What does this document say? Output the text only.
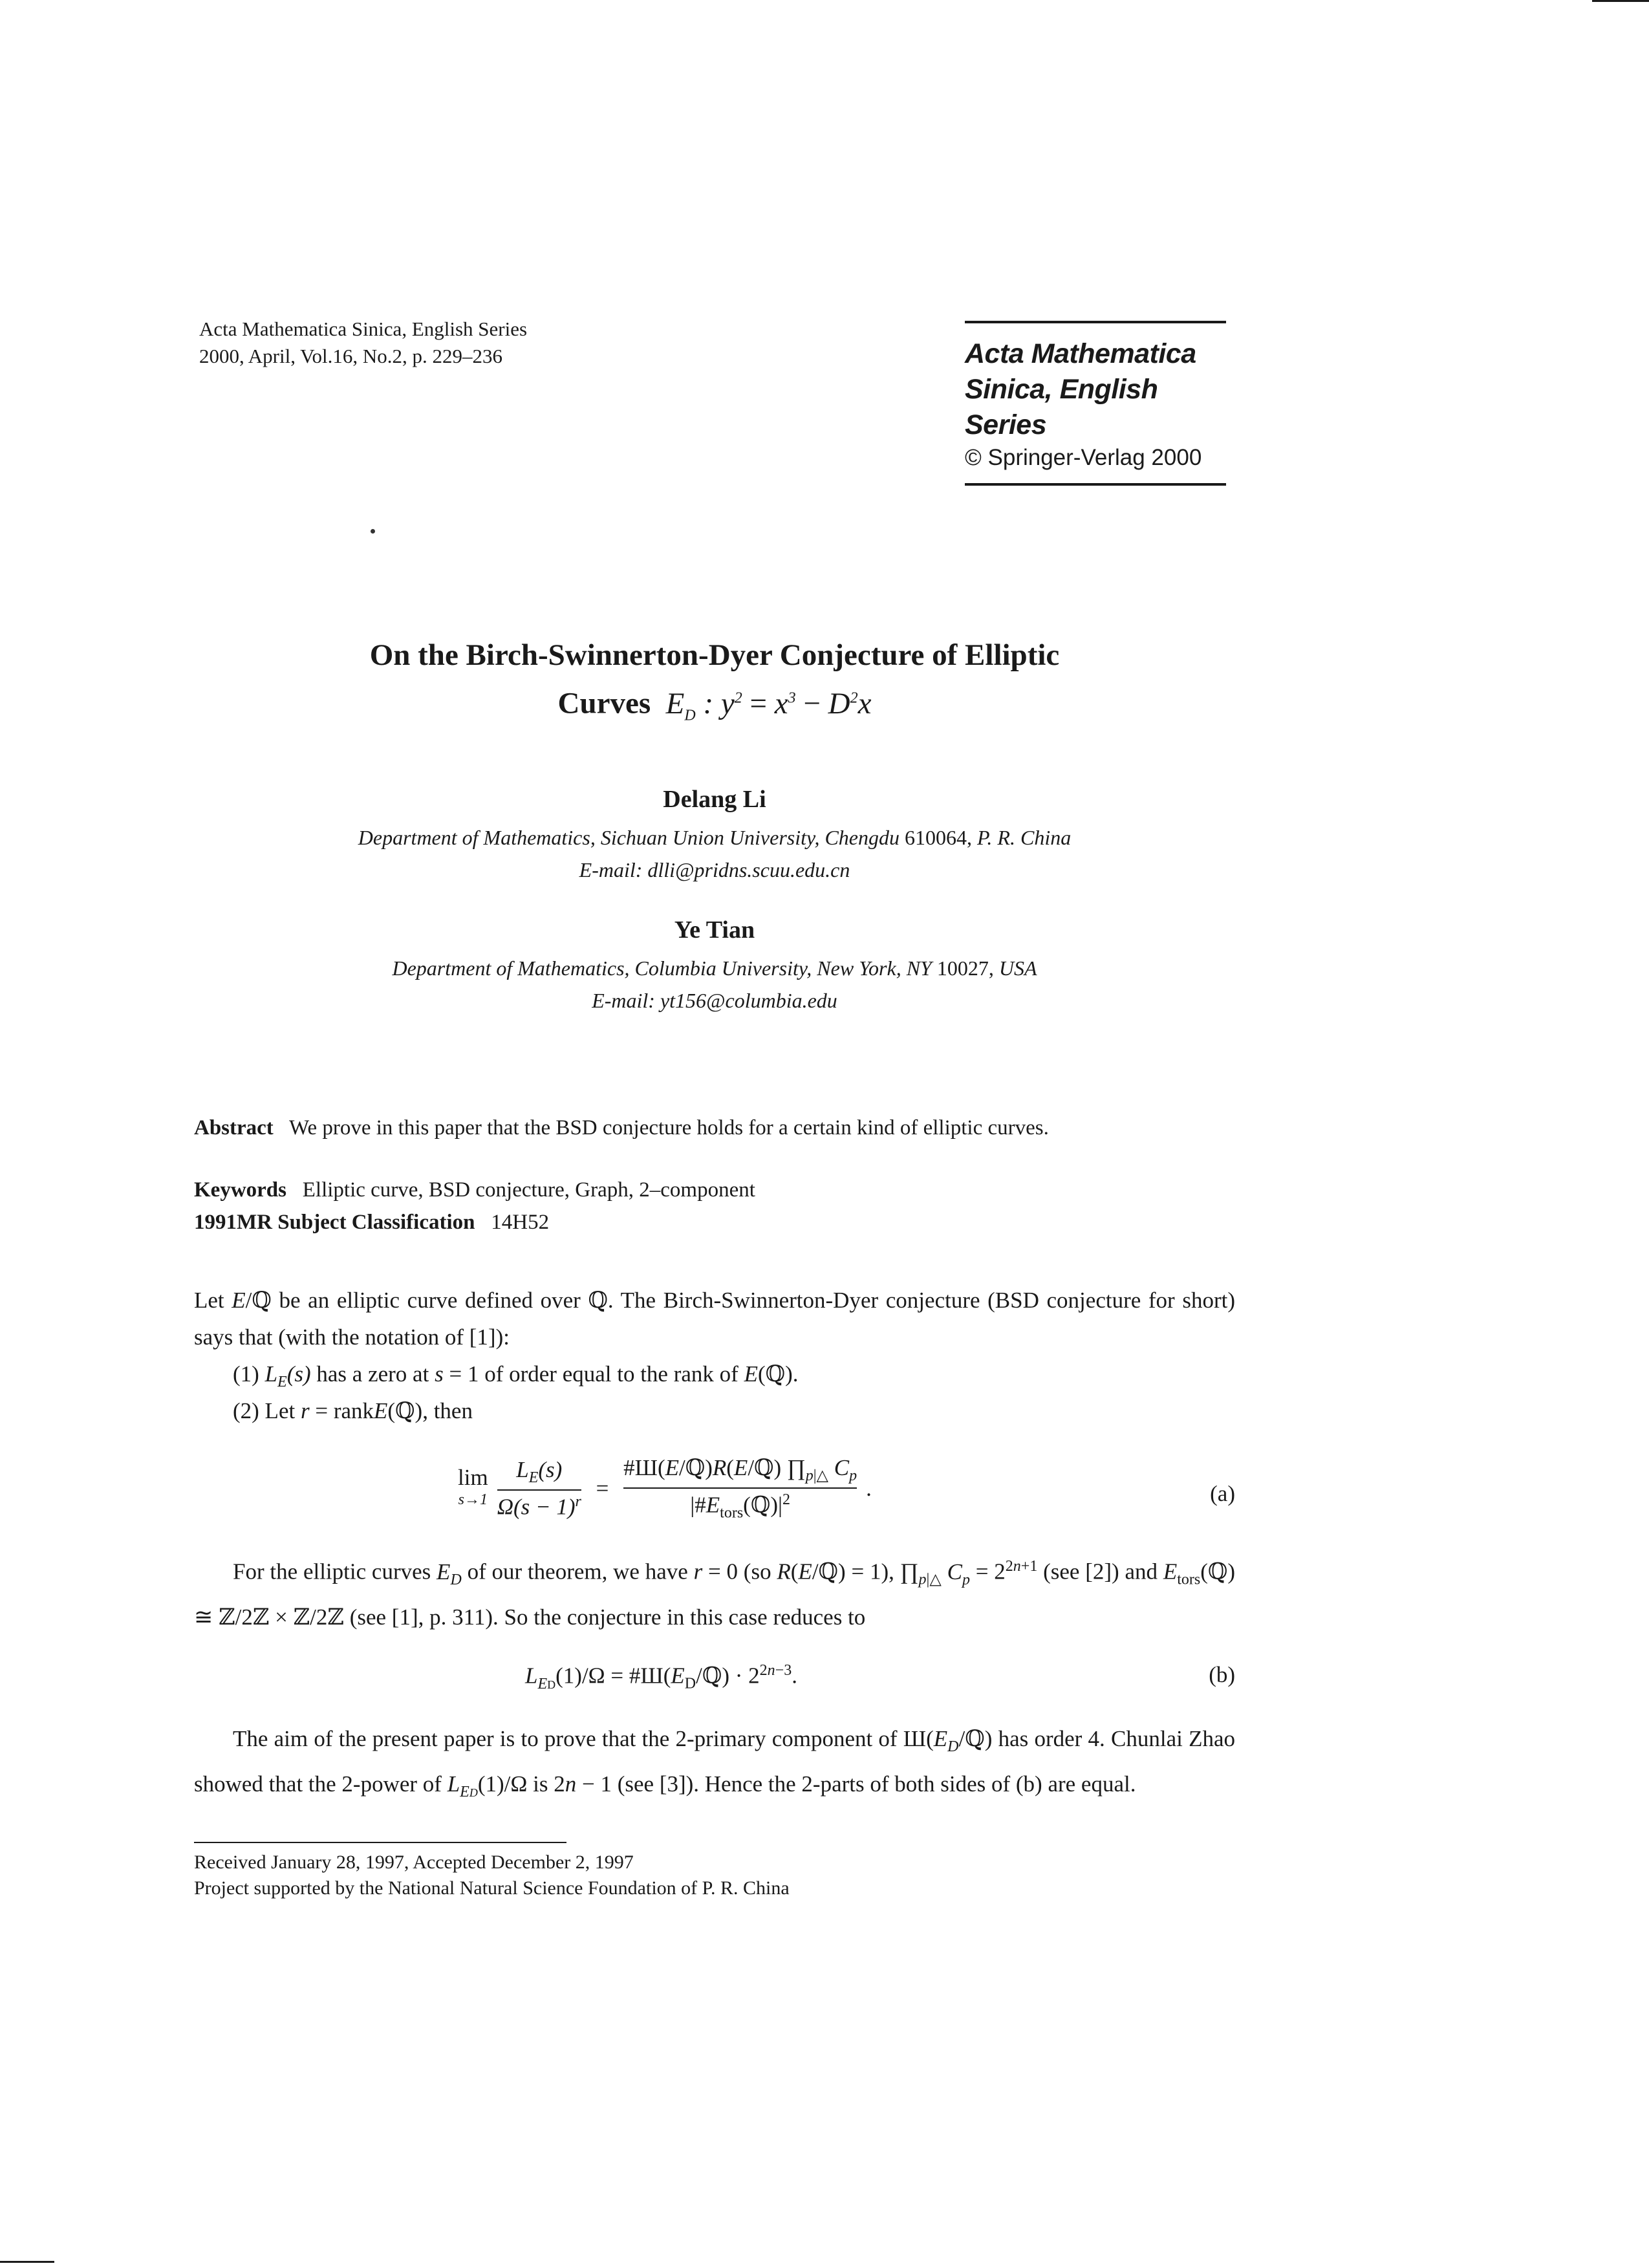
Acta Mathematica Sinica, English Series
2000, April, Vol.16, No.2, p. 229–236	Acta Mathematica
Sinica, English Series
© Springer-Verlag 2000
On the Birch-Swinnerton-Dyer Conjecture of Elliptic
Curves  $E_D$ : $y^2 = x^3 - D^2x$
Delang Li
Department of Mathematics, Sichuan Union University, Chengdu 610064, P. R. China
E-mail: dlli@pridns.scuu.edu.cn
Ye Tian
Department of Mathematics, Columbia University, New York, NY 10027, USA
E-mail: yt156@columbia.edu
Abstract We prove in this paper that the BSD conjecture holds for a certain kind of elliptic curves.
Keywords Elliptic curve, BSD conjecture, Graph, 2–component
1991MR Subject Classification 14H52
Let E/ℚ be an elliptic curve defined over ℚ. The Birch-Swinnerton-Dyer conjecture (BSD conjecture for short) says that (with the notation of [1]):
(1) $L_E(s)$ has a zero at s = 1 of order equal to the rank of E(ℚ).
(2) Let r = rankE(ℚ), then
lim
$s\to 1 \frac{L_E(s)}{\Omega(s - 1)^r} = \frac{\#Ш(E/ℚ)R(E/ℚ) \prod_{p|\triangle} C_p}{|\#E_{tors}(ℚ)|^2}$ .	(a)
For the elliptic curves $E_D$ of our theorem, we have r = 0 (so R(E/ℚ) = 1), $\prod_{p|\triangle}$ $C_p = 2^{2n+1}$ (see [2]) and $E_{tors}(ℚ)$ ≅ ℤ/2ℤ × ℤ/2ℤ (see [1], p. 311). So the conjecture in this case reduces to
$L_{ED}(1)/\Omega$ = $\#Ш(E_D/ℚ) \cdot 2^{2n-3}$.	(b)
The aim of the present paper is to prove that the 2-primary component of $Ш(E_D/ℚ)$ has order 4. Chunlai Zhao showed that the 2-power of $L_{ED}(1)/\Omega$ is 2n − 1 (see [3]). Hence the 2-parts of both sides of (b) are equal.
Received January 28, 1997, Accepted December 2, 1997
Project supported by the National Natural Science Foundation of P. R. China
